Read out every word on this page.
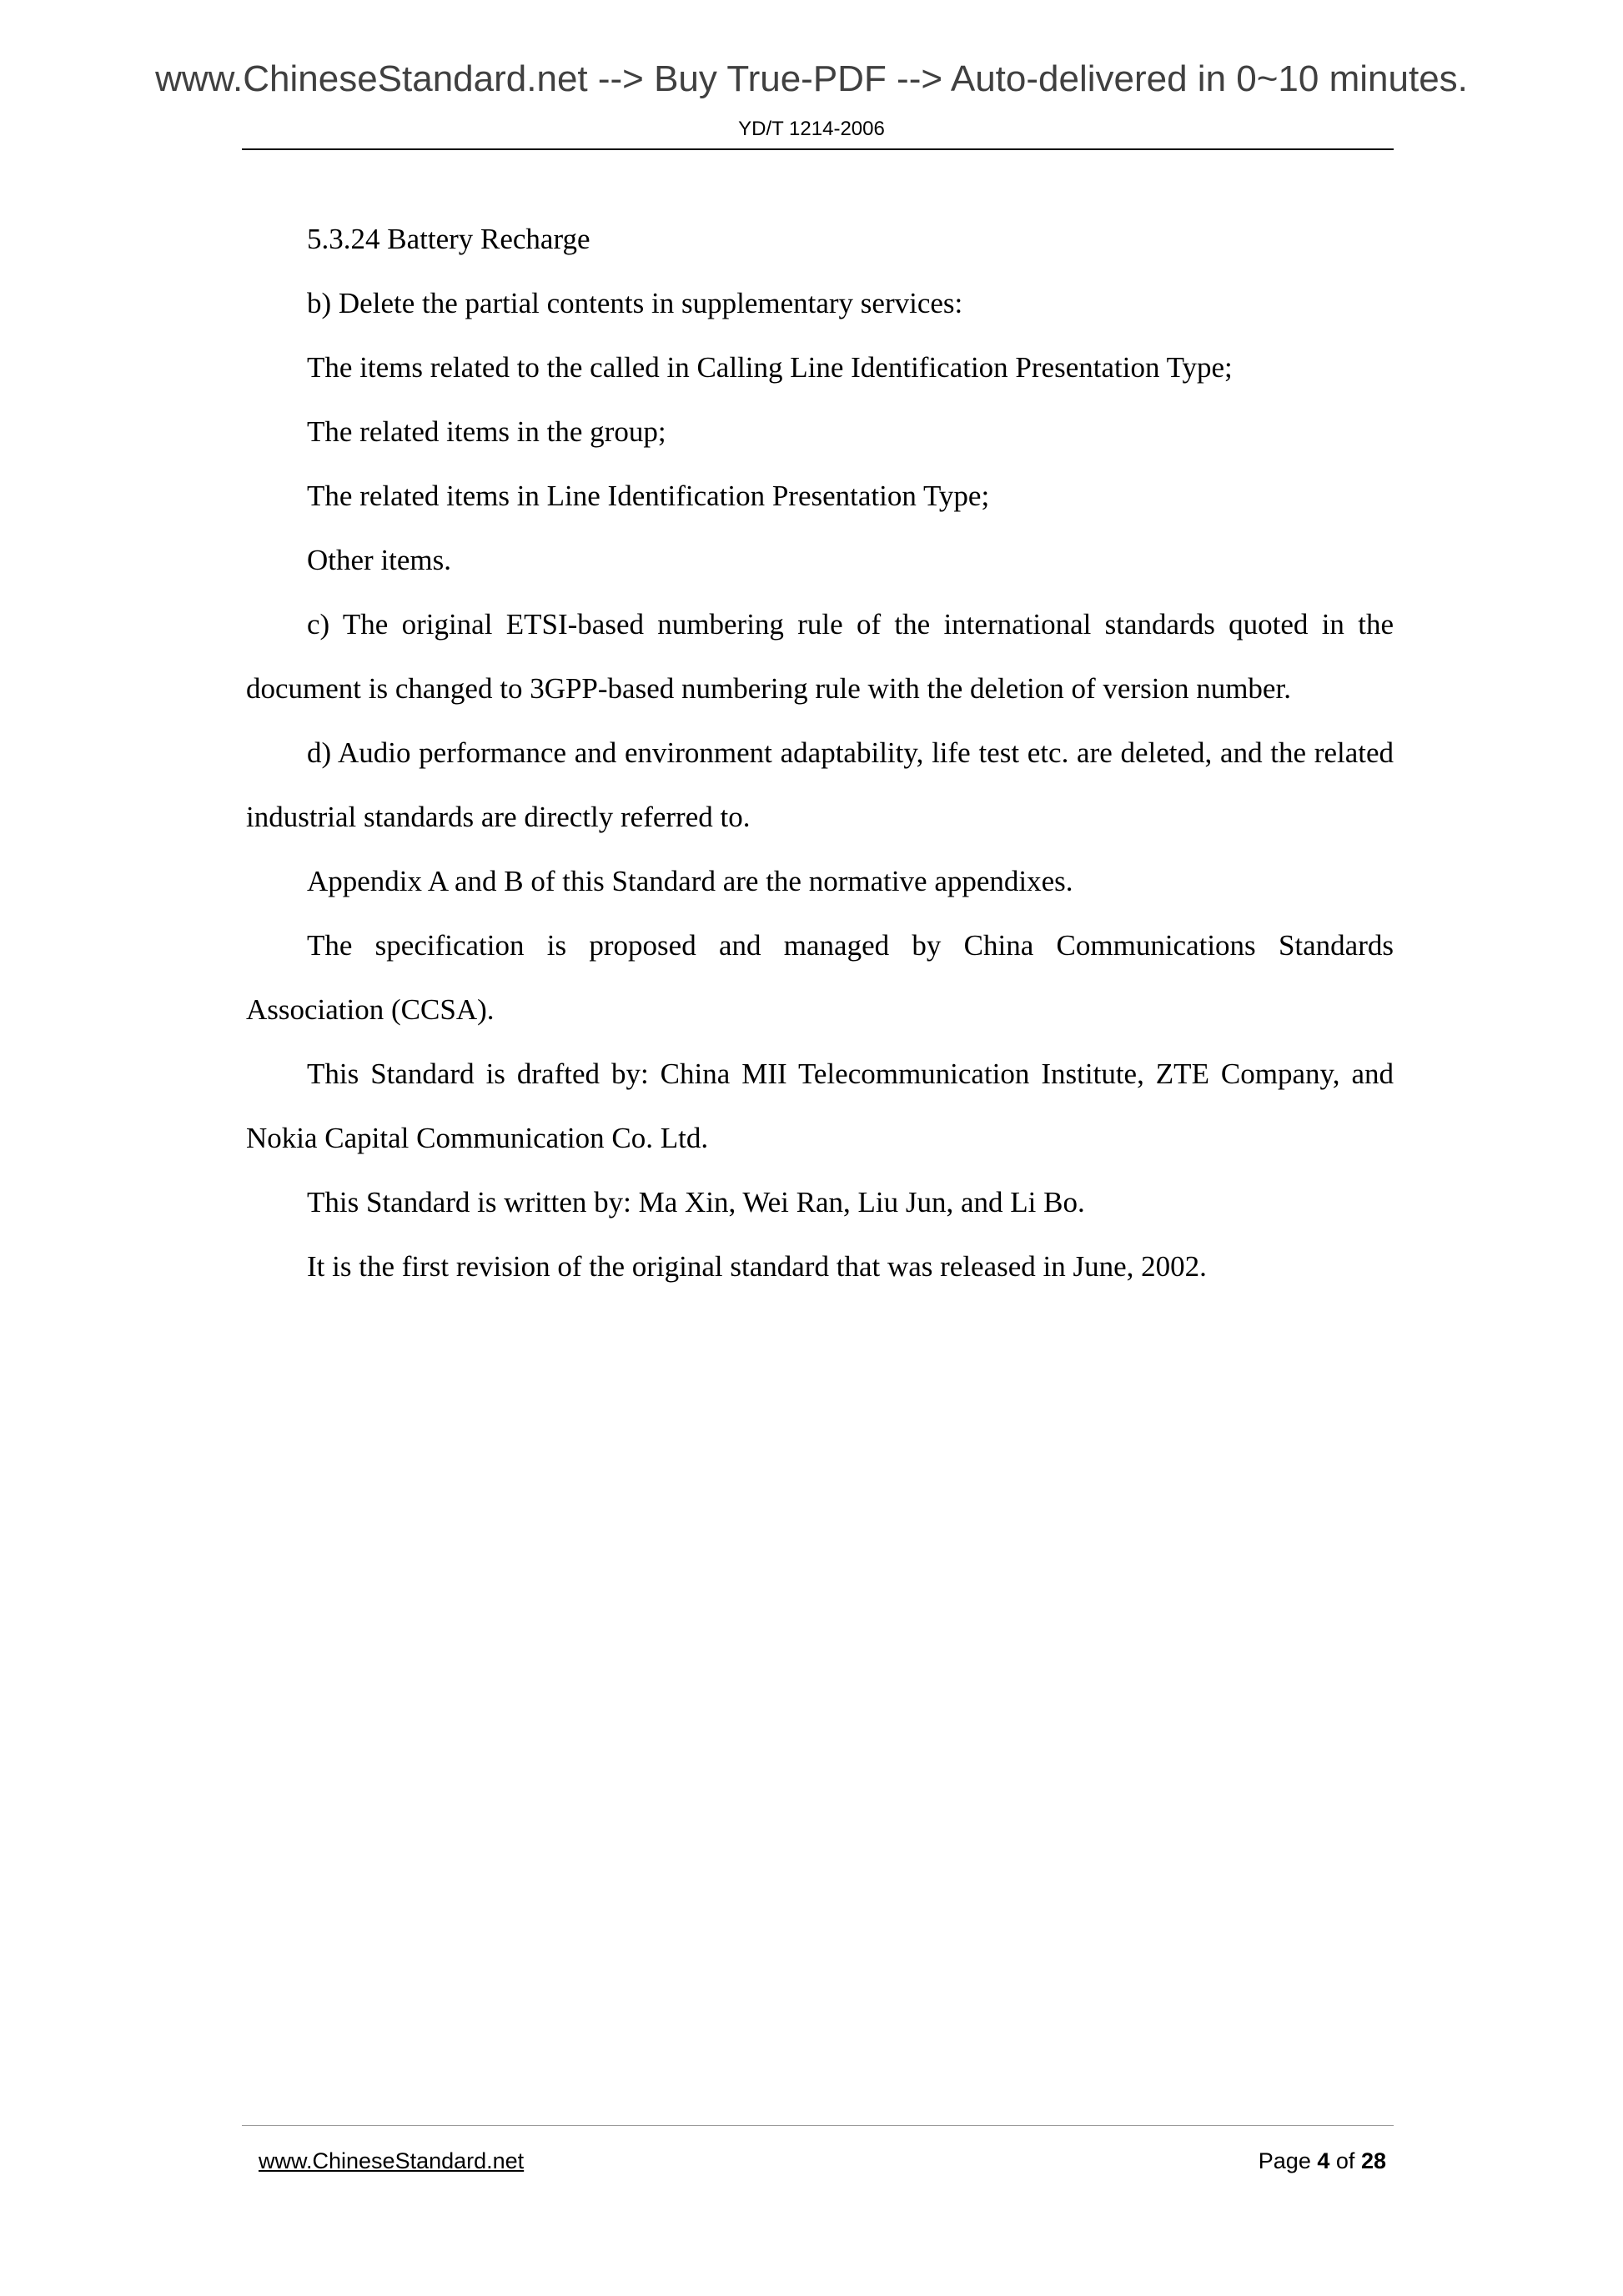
www.ChineseStandard.net --> Buy True-PDF --> Auto-delivered in 0~10 minutes.
YD/T 1214-2006

5.3.24 Battery Recharge

b) Delete the partial contents in supplementary services:

The items related to the called in Calling Line Identification Presentation Type;

The related items in the group;

The related items in Line Identification Presentation Type;

Other items.

c) The original ETSI-based numbering rule of the international standards quoted in the document is changed to 3GPP-based numbering rule with the deletion of version number.

d) Audio performance and environment adaptability, life test etc. are deleted, and the related industrial standards are directly referred to.

Appendix A and B of this Standard are the normative appendixes.

The specification is proposed and managed by China Communications Standards Association (CCSA).

This Standard is drafted by: China MII Telecommunication Institute, ZTE Company, and Nokia Capital Communication Co. Ltd.

This Standard is written by: Ma Xin, Wei Ran, Liu Jun, and Li Bo.

It is the first revision of the original standard that was released in June, 2002.

www.ChineseStandard.net	Page 4 of 28
